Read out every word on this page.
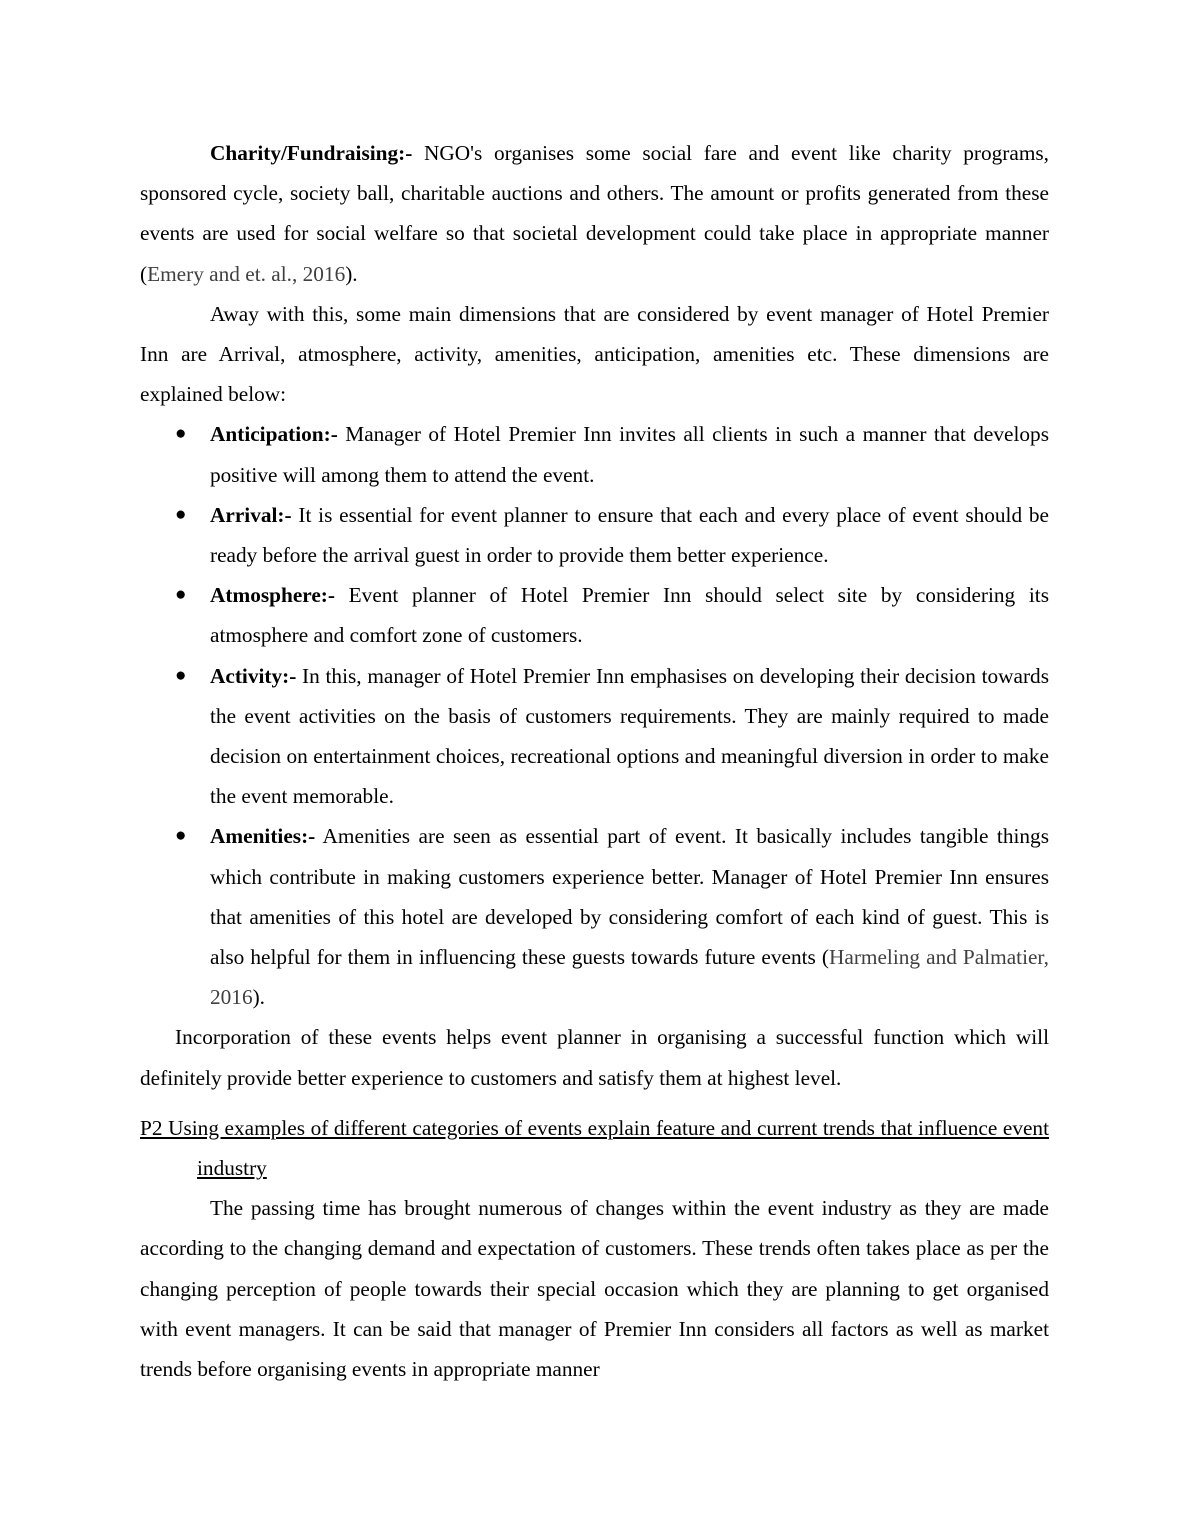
Charity/Fundraising:- NGO's organises some social fare and event like charity programs, sponsored cycle, society ball, charitable auctions and others. The amount or profits generated from these events are used for social welfare so that societal development could take place in appropriate manner (Emery and et. al., 2016).

Away with this, some main dimensions that are considered by event manager of Hotel Premier Inn are Arrival, atmosphere, activity, amenities, anticipation, amenities etc. These dimensions are explained below:

● Anticipation:- Manager of Hotel Premier Inn invites all clients in such a manner that develops positive will among them to attend the event.
● Arrival:- It is essential for event planner to ensure that each and every place of event should be ready before the arrival guest in order to provide them better experience.
● Atmosphere:- Event planner of Hotel Premier Inn should select site by considering its atmosphere and comfort zone of customers.
● Activity:- In this, manager of Hotel Premier Inn emphasises on developing their decision towards the event activities on the basis of customers requirements. They are mainly required to made decision on entertainment choices, recreational options and meaningful diversion in order to make the event memorable.
● Amenities:- Amenities are seen as essential part of event. It basically includes tangible things which contribute in making customers experience better. Manager of Hotel Premier Inn ensures that amenities of this hotel are developed by considering comfort of each kind of guest. This is also helpful for them in influencing these guests towards future events (Harmeling and Palmatier, 2016).

Incorporation of these events helps event planner in organising a successful function which will definitely provide better experience to customers and satisfy them at highest level.

P2 Using examples of different categories of events explain feature and current trends that influence event industry

The passing time has brought numerous of changes within the event industry as they are made according to the changing demand and expectation of customers. These trends often takes place as per the changing perception of people towards their special occasion which they are planning to get organised with event managers. It can be said that manager of Premier Inn considers all factors as well as market trends before organising events in appropriate manner
